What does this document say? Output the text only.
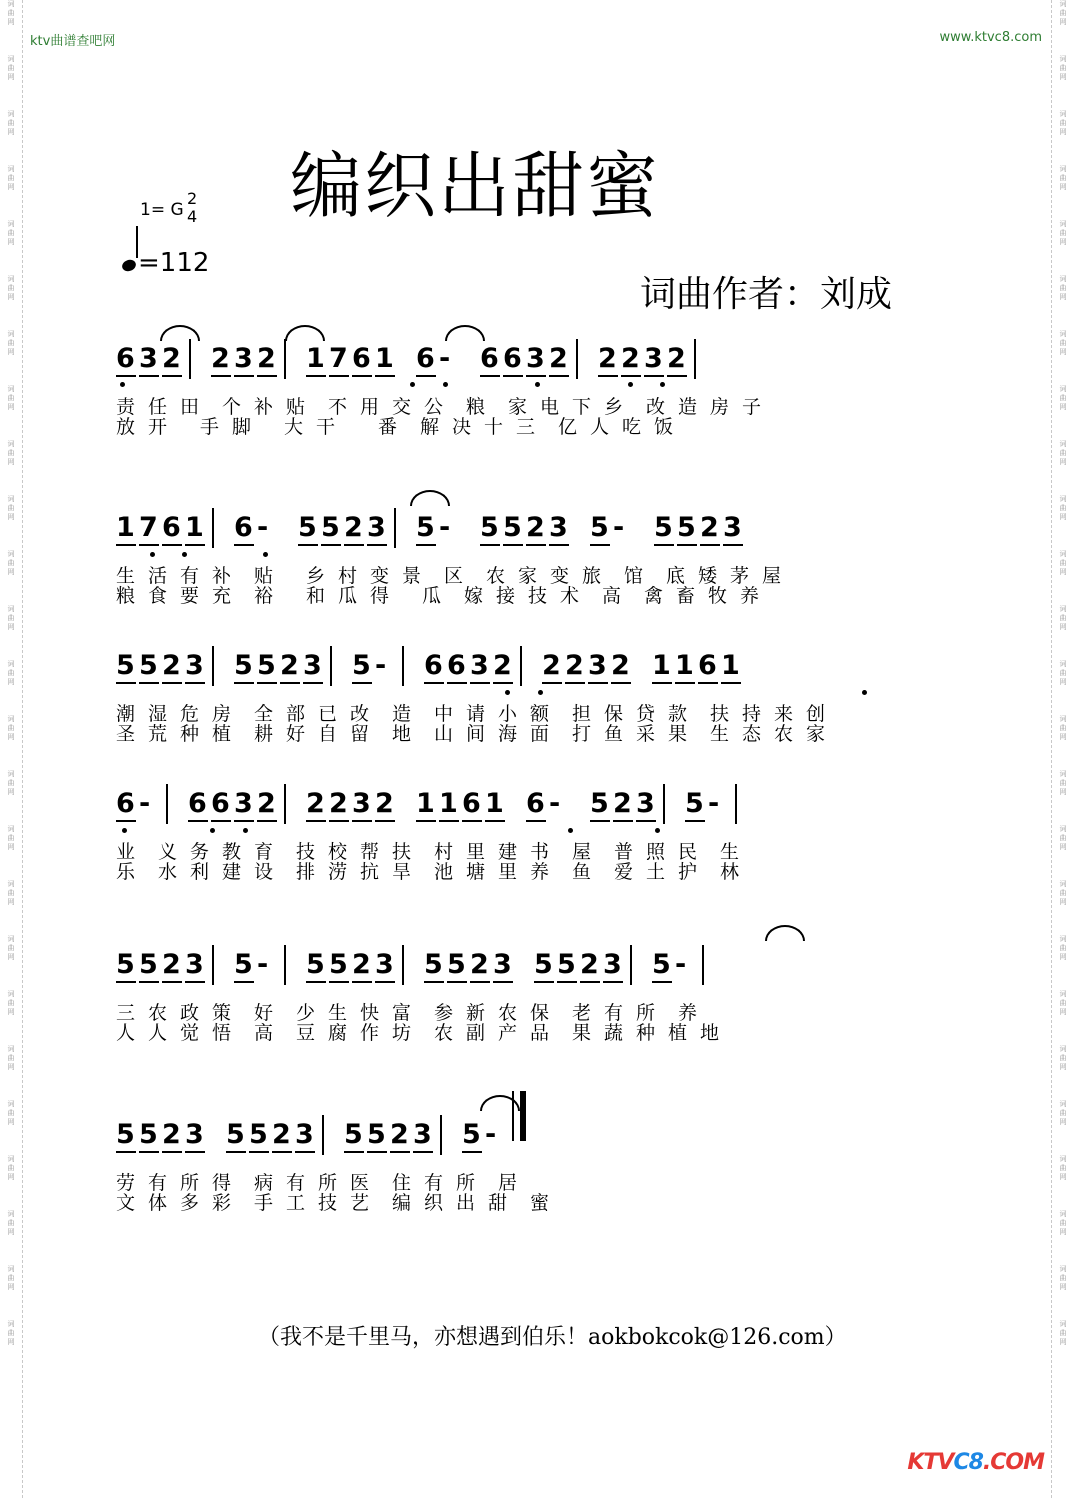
词
曲
网
词
曲
网
词
曲
网
词
曲
网
词
曲
网
词
曲
网
词
曲
网
词
曲
网
词
曲
网
词
曲
网
词
曲
网
词
曲
网
词
曲
网
词
曲
网
词
曲
网
词
曲
网
词
曲
网
词
曲
网
词
曲
网
词
曲
网
词
曲
网
词
曲
网
词
曲
网
词
曲
网
词
曲
网
词
曲
网
词
曲
网
词
曲
网
词
曲
网
词
曲
网
词
曲
网
词
曲
网
词
曲
网
词
曲
网
词
曲
网
词
曲
网
词
曲
网
词
曲
网
词
曲
网
词
曲
网
词
曲
网
词
曲
网
词
曲
网
词
曲
网
词
曲
网
词
曲
网
词
曲
网
词
曲
网
词
曲
网
词
曲
网
ktv曲谱查吧网	www.ktvc8.com
编织出甜蜜
1= G
2
4
=112
词曲作者：刘成
6 3 2 2 3 2 1 7 6 1 6 - 6 6 3 2 2 2 3 2
责 任 田 个 补 贴 不 用 交 公 粮 家 电 下 乡 改 造 房 子
放 开 手 脚 大 干 番 解 决 十 三 亿 人 吃 饭
1 7 6 1 6 - 5 5 2 3 5 - 5 5 2 3 5 - 5 5 2 3
生 活 有 补 贴 乡 村 变 景 区 农 家 变 旅 馆 底 矮 茅 屋
粮 食 要 充 裕 和 瓜 得 瓜 嫁 接 技 术 高 禽 畜 牧 养
5 5 2 3 5 5 2 3 5 - 6 6 3 2 2 2 3 2 1 1 6 1
潮 湿 危 房 全 部 已 改 造 中 请 小 额 担 保 贷 款 扶 持 来 创
圣 荒 种 植 耕 好 自 留 地 山 间 海 面 打 鱼 采 果 生 态 农 家
6 - 6 6 3 2 2 2 3 2 1 1 6 1 6 - 5 2 3 5 -
业 义 务 教 育 技 校 帮 扶 村 里 建 书 屋 普 照 民 生
乐 水 利 建 设 排 涝 抗 旱 池 塘 里 养 鱼 爱 土 护 林
5 5 2 3 5 - 5 5 2 3 5 5 2 3 5 5 2 3 5 -
三 农 政 策 好 少 生 快 富 参 新 农 保 老 有 所 养
人 人 觉 悟 高 豆 腐 作 坊 农 副 产 品 果 蔬 种 植 地
5 5 2 3 5 5 2 3 5 5 2 3 5 -
劳 有 所 得 病 有 所 医 住 有 所 居
文 体 多 彩 手 工 技 艺 编 织 出 甜 蜜
（我不是千里马，亦想遇到伯乐！aokbokcok@126.com）
KTVC8.COM
